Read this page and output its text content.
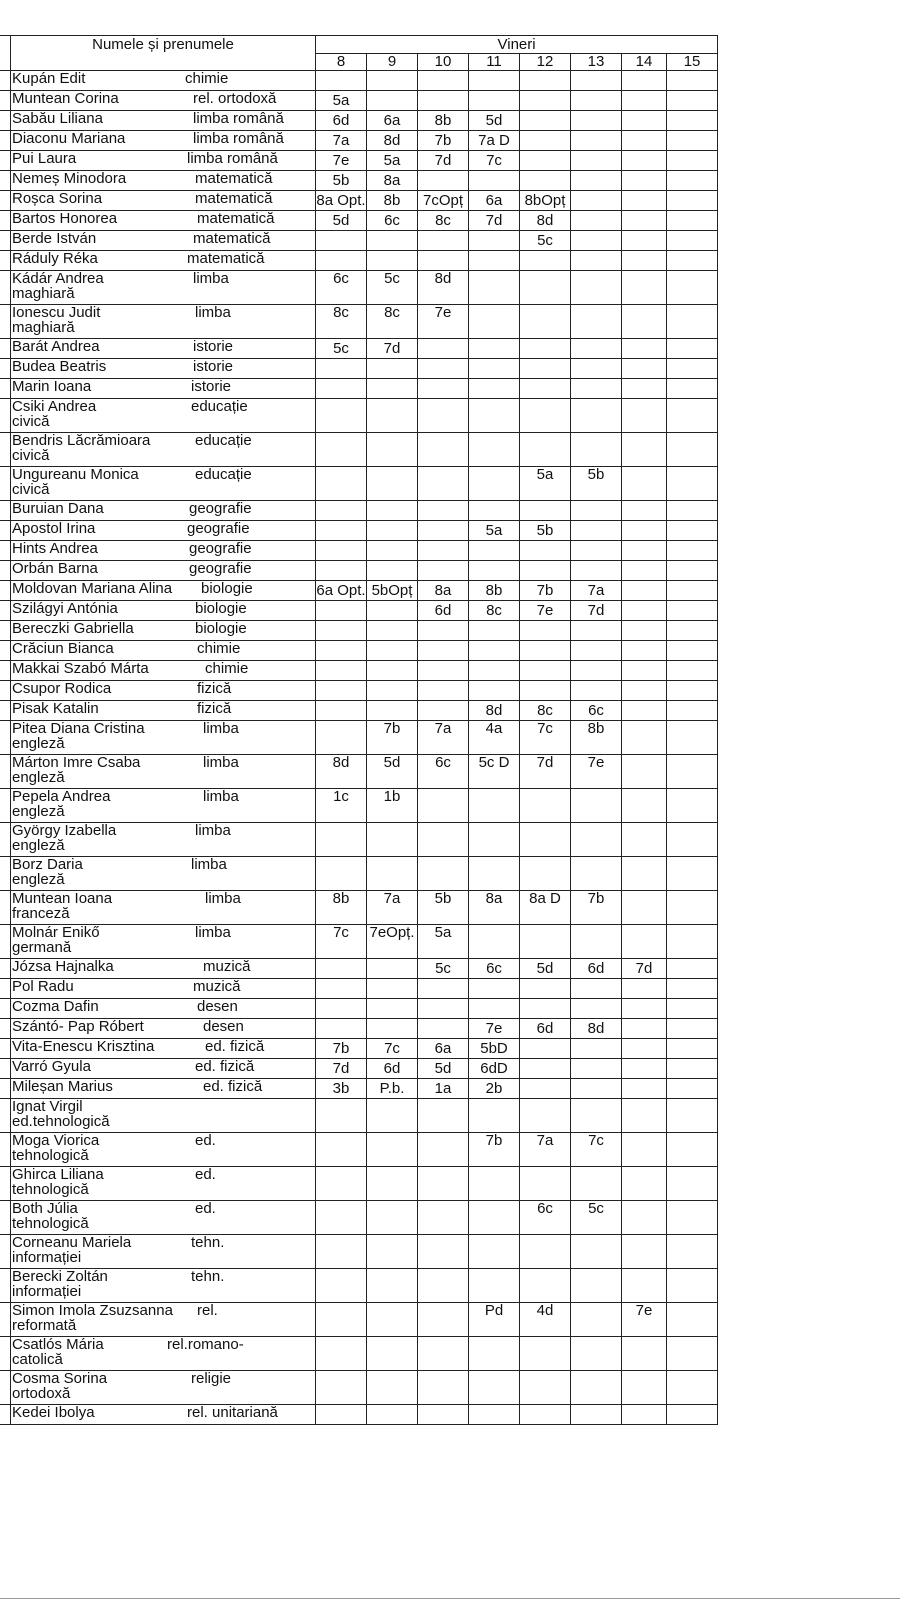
	Numele și prenumele	Vineri							
		8	9	10	11	12	13	14	15

	Kupán Edit chimie								

	Muntean Corina rel. ortodoxă	5a							

	Sabău Liliana limba română	6d	6a	8b	5d				

	Diaconu Mariana limba română	7a	8d	7b	7a D				

	Pui Laura limba română	7e	5a	7d	7c				

	Nemeș Minodora matematică	5b	8a						

	Roșca Sorina matematică	8a Opt.	8b	7cOpț	6a	8bOpț			

	Bartos Honorea matematică	5d	6c	8c	7d	8d			

	Berde István matematică					5c			

	Ráduly Réka matematică								

	Kádár Andrea limba
maghiară	6c	5c	8d					

	Ionescu Judit limba
maghiară	8c	8c	7e					

	Barát Andrea istorie	5c	7d						

	Budea Beatris istorie								

	Marin Ioana istorie								

	Csiki Andrea educație
civică								

	Bendris Lăcrămioara educație
civică								

	Ungureanu Monica educație
civică					5a	5b		

	Buruian Dana geografie								

	Apostol Irina geografie				5a	5b			

	Hints Andrea geografie								

	Orbán Barna geografie								

	Moldovan Mariana Alina biologie	6a Opt.	5bOpț	8a	8b	7b	7a		

	Szilágyi Antónia biologie			6d	8c	7e	7d		

	Bereczki Gabriella biologie								

	Crăciun Bianca chimie								

	Makkai Szabó Márta chimie								

	Csupor Rodica fizică								

	Pisak Katalin fizică				8d	8c	6c		

	Pitea Diana Cristina limba
engleză		7b	7a	4a	7c	8b		

	Márton Imre Csaba limba
engleză	8d	5d	6c	5c D	7d	7e		

	Pepela Andrea limba
engleză	1c	1b						

	György Izabella limba
engleză								

	Borz Daria limba
engleză								

	Muntean Ioana limba
franceză	8b	7a	5b	8a	8a D	7b		

	Molnár Enikő limba
germană	7c	7eOpț.	5a					

	Józsa Hajnalka muzică			5c	6c	5d	6d	7d	

	Pol Radu muzică								

	Cozma Dafin desen								

	Szántó- Pap Róbert desen				7e	6d	8d		

	Vita-Enescu Krisztina ed. fizică	7b	7c	6a	5bD				

	Varró Gyula ed. fizică	7d	6d	5d	6dD				

	Mileșan Marius ed. fizică	3b	P.b.	1a	2b				

	Ignat Virgil
ed.tehnologică								

	Moga Viorica ed.
tehnologică				7b	7a	7c		

	Ghirca Liliana ed.
tehnologică								

	Both Júlia ed.
tehnologică					6c	5c		

	Corneanu Mariela tehn.
informației								

	Berecki Zoltán tehn.
informației								

	Simon Imola Zsuzsanna rel.
reformată				Pd	4d		7e	

	Csatlós Mária rel.romano-
catolică								

	Cosma Sorina religie
ortodoxă								

	Kedei Ibolya rel. unitariană								
